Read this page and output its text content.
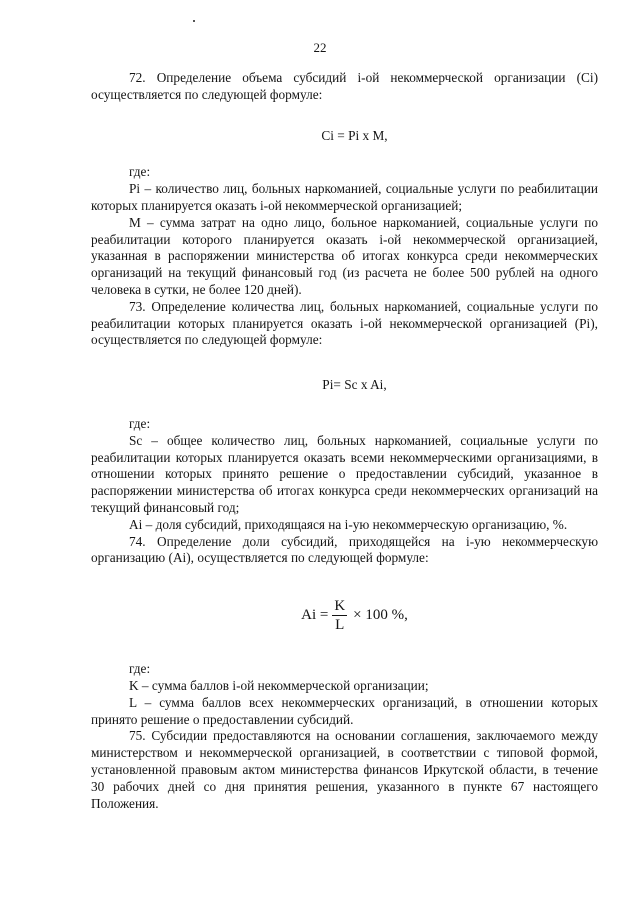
22

72. Определение объема субсидий i-ой некоммерческой организации (Ci) осуществляется по следующей формуле:

Ci = Pi x M,

где:

Pi – количество лиц, больных наркоманией, социальные услуги по реабилитации которых планируется оказать i-ой некоммерческой организацией;

M – сумма затрат на одно лицо, больное наркоманией, социальные услуги по реабилитации которого планируется оказать i-ой некоммерческой организацией, указанная в распоряжении министерства об итогах конкурса среди некоммерческих организаций на текущий финансовый год (из расчета не более 500 рублей на одного человека в сутки, не более 120 дней).

73. Определение количества лиц, больных наркоманией, социальные услуги по реабилитации которых планируется оказать i-ой некоммерческой организацией (Pi), осуществляется по следующей формуле:

Pi= Sc x Ai,

где:

Sc – общее количество лиц, больных наркоманией, социальные услуги по реабилитации которых планируется оказать всеми некоммерческими организациями, в отношении которых принято решение о предоставлении субсидий, указанное в распоряжении министерства об итогах конкурса среди некоммерческих организаций на текущий финансовый год;

Ai – доля субсидий, приходящаяся на i-ую некоммерческую организацию, %.

74. Определение доли субсидий, приходящейся на i-ую некоммерческую организацию (Ai), осуществляется по следующей формуле:

$Ai = \frac{K}{L} \times 100$ %,

где:

K – сумма баллов i-ой некоммерческой организации;

L – сумма баллов всех некоммерческих организаций, в отношении которых принято решение о предоставлении субсидий.

75. Субсидии предоставляются на основании соглашения, заключаемого между министерством и некоммерческой организацией, в соответствии с типовой формой, установленной правовым актом министерства финансов Иркутской области, в течение 30 рабочих дней со дня принятия решения, указанного в пункте 67 настоящего Положения.
